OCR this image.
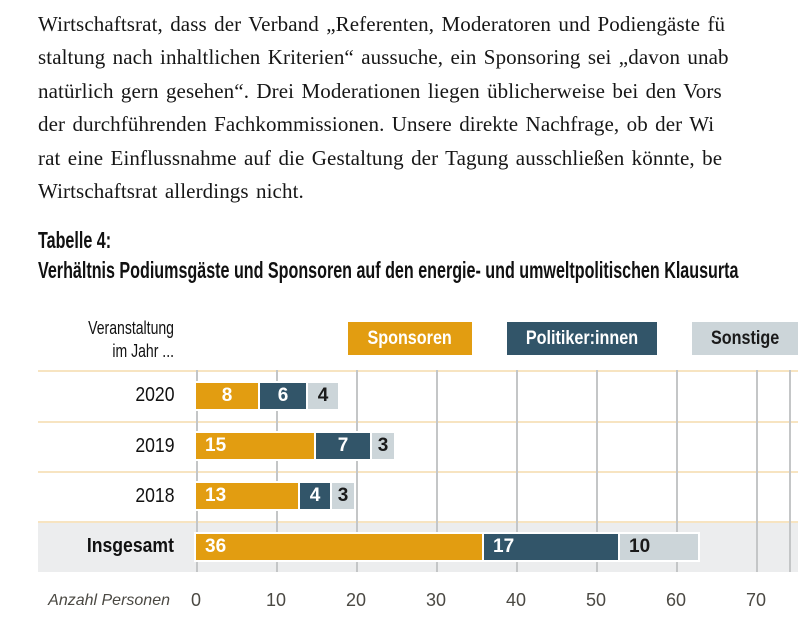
Wirtschaftsrat, dass der Verband „Referenten, Moderatoren und Podiengäste fü
staltung nach inhaltlichen Kriterien“ aussuche, ein Sponsoring sei „davon unab
natürlich gern gesehen“. Drei Moderationen liegen üblicherweise bei den Vors
der durchführenden Fachkommissionen. Unsere direkte Nachfrage, ob der Wi
rat eine Einflussnahme auf die Gestaltung der Tagung ausschließen könnte, be
Wirtschaftsrat allerdings nicht.
Tabelle 4:
Verhältnis Podiumsgäste und Sponsoren auf den energie- und umweltpolitischen Klausurta
Veranstaltung
im Jahr ...
Sponsoren	Politiker:innen	Sonstige
2020	8 6 4
2019 15	7 3
2018 13	4 3
Insgesamt 36	17	10
0	10	20	30	40	50	60	70
Anzahl Personen
